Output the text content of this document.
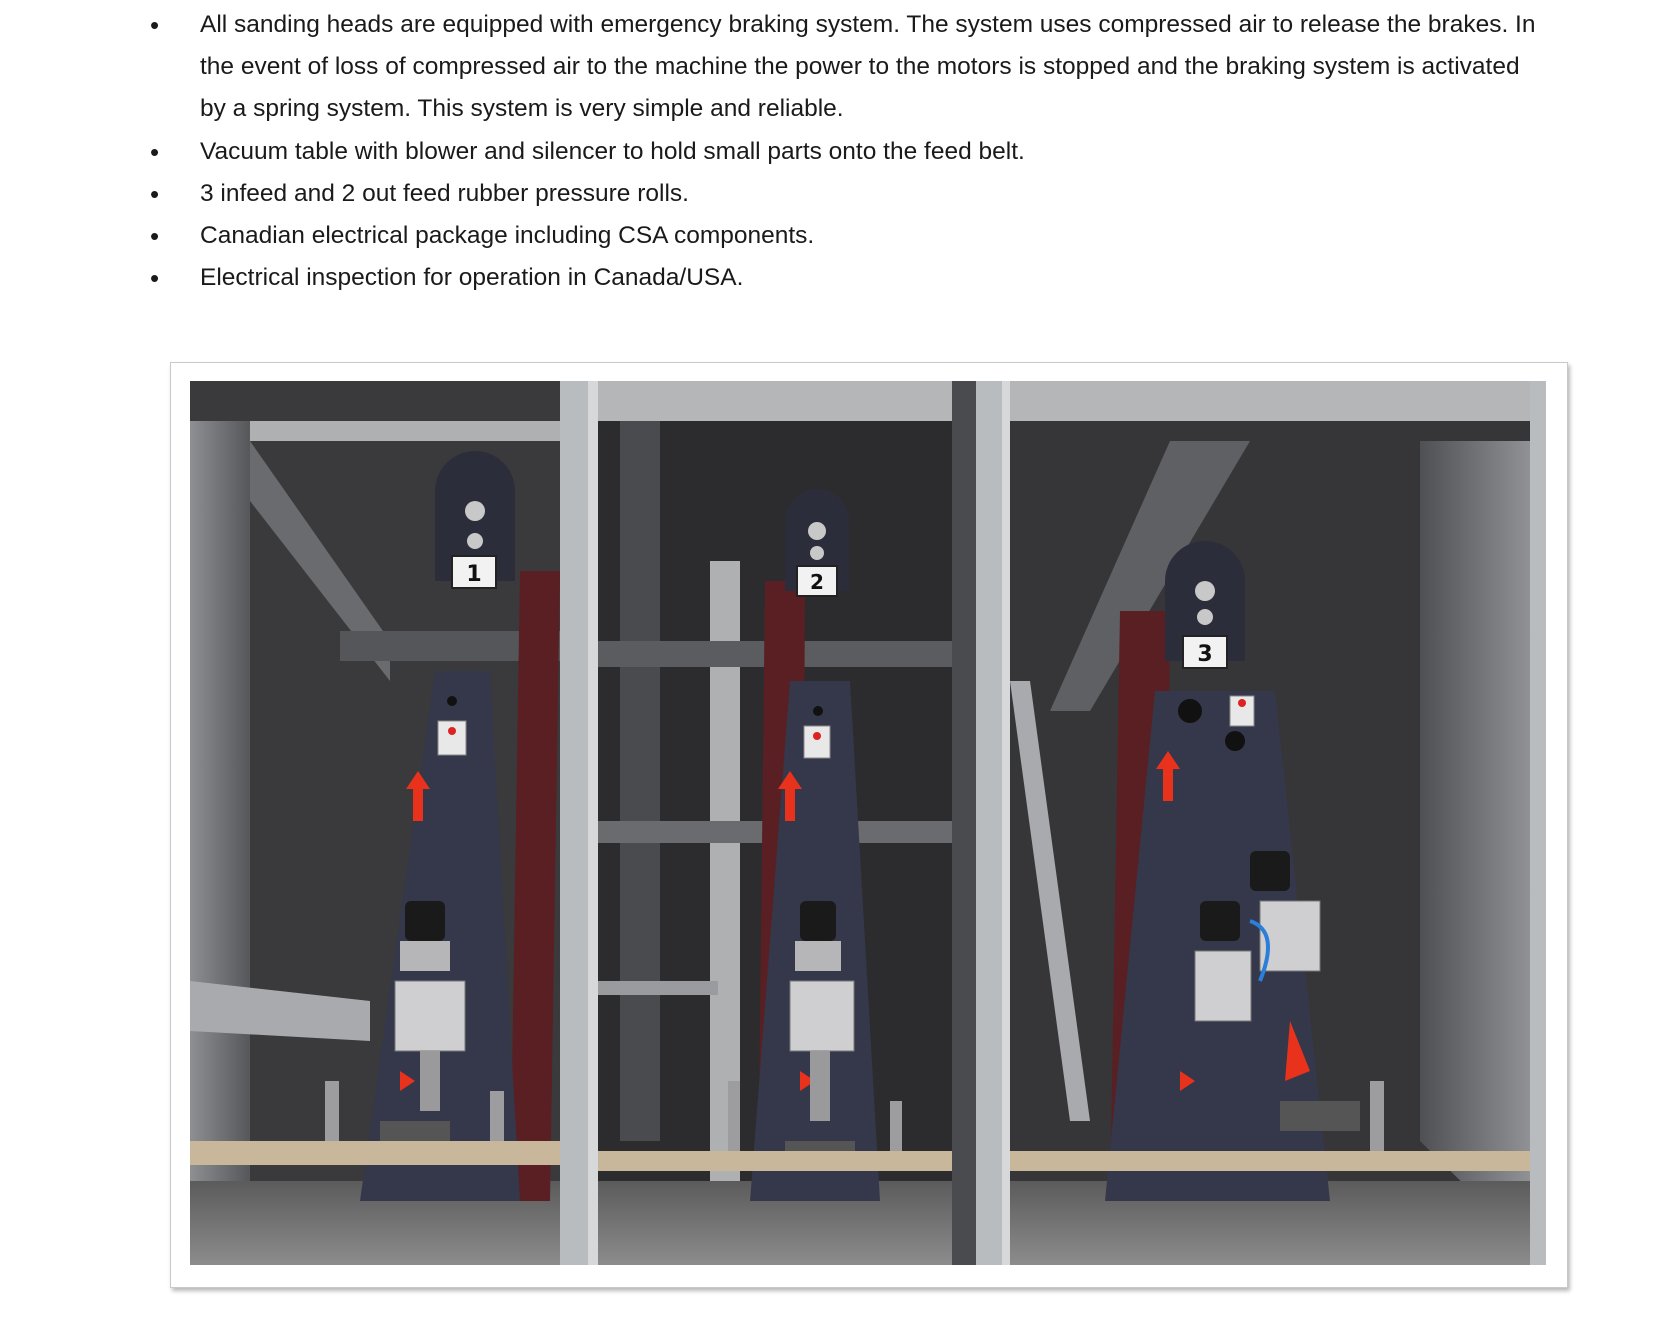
• All sanding heads are equipped with emergency braking system. The system uses compressed air to release the brakes. In the event of loss of compressed air to the machine the power to the motors is stopped and the braking system is activated by a spring system. This system is very simple and reliable.
• Vacuum table with blower and silencer to hold small parts onto the feed belt.
• 3 infeed and 2 out feed rubber pressure rolls.
• Canadian electrical package including CSA components.
• Electrical inspection for operation in Canada/USA.
1	2
3
